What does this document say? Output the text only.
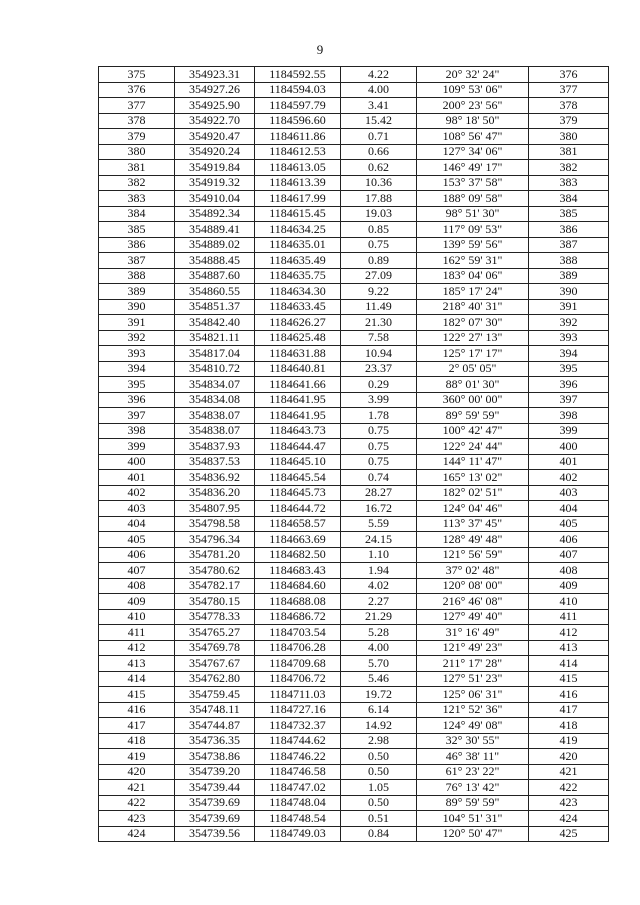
9
375	354923.31	1184592.55	4.22	20° 32' 24"	376
376	354927.26	1184594.03	4.00	109° 53' 06"	377
377	354925.90	1184597.79	3.41	200° 23' 56"	378
378	354922.70	1184596.60	15.42	98° 18' 50"	379
379	354920.47	1184611.86	0.71	108° 56' 47"	380
380	354920.24	1184612.53	0.66	127° 34' 06"	381
381	354919.84	1184613.05	0.62	146° 49' 17"	382
382	354919.32	1184613.39	10.36	153° 37' 58"	383
383	354910.04	1184617.99	17.88	188° 09' 58"	384
384	354892.34	1184615.45	19.03	98° 51' 30"	385
385	354889.41	1184634.25	0.85	117° 09' 53"	386
386	354889.02	1184635.01	0.75	139° 59' 56"	387
387	354888.45	1184635.49	0.89	162° 59' 31"	388
388	354887.60	1184635.75	27.09	183° 04' 06"	389
389	354860.55	1184634.30	9.22	185° 17' 24"	390
390	354851.37	1184633.45	11.49	218° 40' 31"	391
391	354842.40	1184626.27	21.30	182° 07' 30"	392
392	354821.11	1184625.48	7.58	122° 27' 13"	393
393	354817.04	1184631.88	10.94	125° 17' 17"	394
394	354810.72	1184640.81	23.37	2° 05' 05"	395
395	354834.07	1184641.66	0.29	88° 01' 30"	396
396	354834.08	1184641.95	3.99	360° 00' 00"	397
397	354838.07	1184641.95	1.78	89° 59' 59"	398
398	354838.07	1184643.73	0.75	100° 42' 47"	399
399	354837.93	1184644.47	0.75	122° 24' 44"	400
400	354837.53	1184645.10	0.75	144° 11' 47"	401
401	354836.92	1184645.54	0.74	165° 13' 02"	402
402	354836.20	1184645.73	28.27	182° 02' 51"	403
403	354807.95	1184644.72	16.72	124° 04' 46"	404
404	354798.58	1184658.57	5.59	113° 37' 45"	405
405	354796.34	1184663.69	24.15	128° 49' 48"	406
406	354781.20	1184682.50	1.10	121° 56' 59"	407
407	354780.62	1184683.43	1.94	37° 02' 48"	408
408	354782.17	1184684.60	4.02	120° 08' 00"	409
409	354780.15	1184688.08	2.27	216° 46' 08"	410
410	354778.33	1184686.72	21.29	127° 49' 40"	411
411	354765.27	1184703.54	5.28	31° 16' 49"	412
412	354769.78	1184706.28	4.00	121° 49' 23"	413
413	354767.67	1184709.68	5.70	211° 17' 28"	414
414	354762.80	1184706.72	5.46	127° 51' 23"	415
415	354759.45	1184711.03	19.72	125° 06' 31"	416
416	354748.11	1184727.16	6.14	121° 52' 36"	417
417	354744.87	1184732.37	14.92	124° 49' 08"	418
418	354736.35	1184744.62	2.98	32° 30' 55"	419
419	354738.86	1184746.22	0.50	46° 38' 11"	420
420	354739.20	1184746.58	0.50	61° 23' 22"	421
421	354739.44	1184747.02	1.05	76° 13' 42"	422
422	354739.69	1184748.04	0.50	89° 59' 59"	423
423	354739.69	1184748.54	0.51	104° 51' 31"	424
424	354739.56	1184749.03	0.84	120° 50' 47"	425
